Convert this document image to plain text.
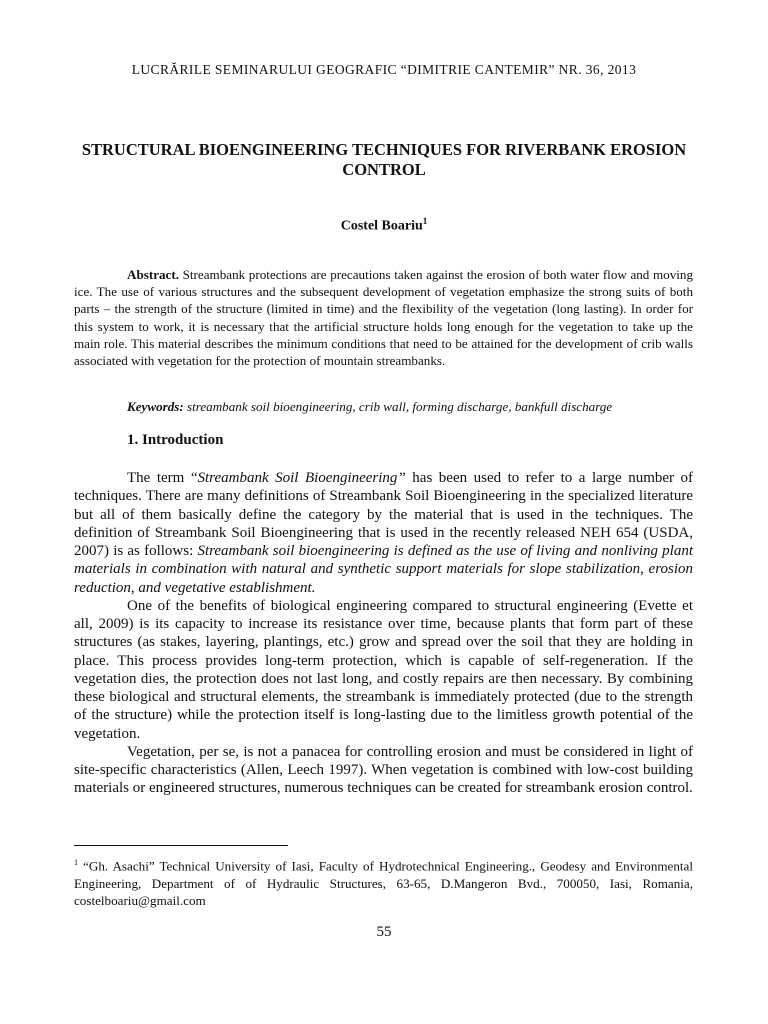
LUCRĂRILE SEMINARULUI GEOGRAFIC “DIMITRIE CANTEMIR” NR. 36, 2013
STRUCTURAL BIOENGINEERING TECHNIQUES FOR RIVERBANK EROSION CONTROL
Costel Boariu$^1$
Abstract. Streambank protections are precautions taken against the erosion of both water flow and moving ice. The use of various structures and the subsequent development of vegetation emphasize the strong suits of both parts – the strength of the structure (limited in time) and the flexibility of the vegetation (long lasting). In order for this system to work, it is necessary that the artificial structure holds long enough for the vegetation to take up the main role. This material describes the minimum conditions that need to be attained for the development of crib walls associated with vegetation for the protection of mountain streambanks.
Keywords: streambank soil bioengineering, crib wall, forming discharge, bankfull discharge
1. Introduction

The term “Streambank Soil Bioengineering” has been used to refer to a large number of techniques. There are many definitions of Streambank Soil Bioengineering in the specialized literature but all of them basically define the category by the material that is used in the techniques. The definition of Streambank Soil Bioengineering that is used in the recently released NEH 654 (USDA, 2007) is as follows: Streambank soil bioengineering is defined as the use of living and nonliving plant materials in combination with natural and synthetic support materials for slope stabilization, erosion reduction, and vegetative establishment.

One of the benefits of biological engineering compared to structural engineering (Evette et all, 2009) is its capacity to increase its resistance over time, because plants that form part of these structures (as stakes, layering, plantings, etc.) grow and spread over the soil that they are holding in place. This process provides long-term protection, which is capable of self-regeneration. If the vegetation dies, the protection does not last long, and costly repairs are then necessary. By combining these biological and structural elements, the streambank is immediately protected (due to the strength of the structure) while the protection itself is long-lasting due to the limitless growth potential of the vegetation.

Vegetation, per se, is not a panacea for controlling erosion and must be considered in light of site-specific characteristics (Allen, Leech 1997). When vegetation is combined with low-cost building materials or engineered structures, numerous techniques can be created for streambank erosion control.

$^1$ “Gh. Asachi” Technical University of Iasi, Faculty of Hydrotechnical Engineering., Geodesy and Environmental Engineering, Department of of Hydraulic Structures, 63-65, D.Mangeron Bvd., 700050, Iasi, Romania, costelboariu@gmail.com
55
